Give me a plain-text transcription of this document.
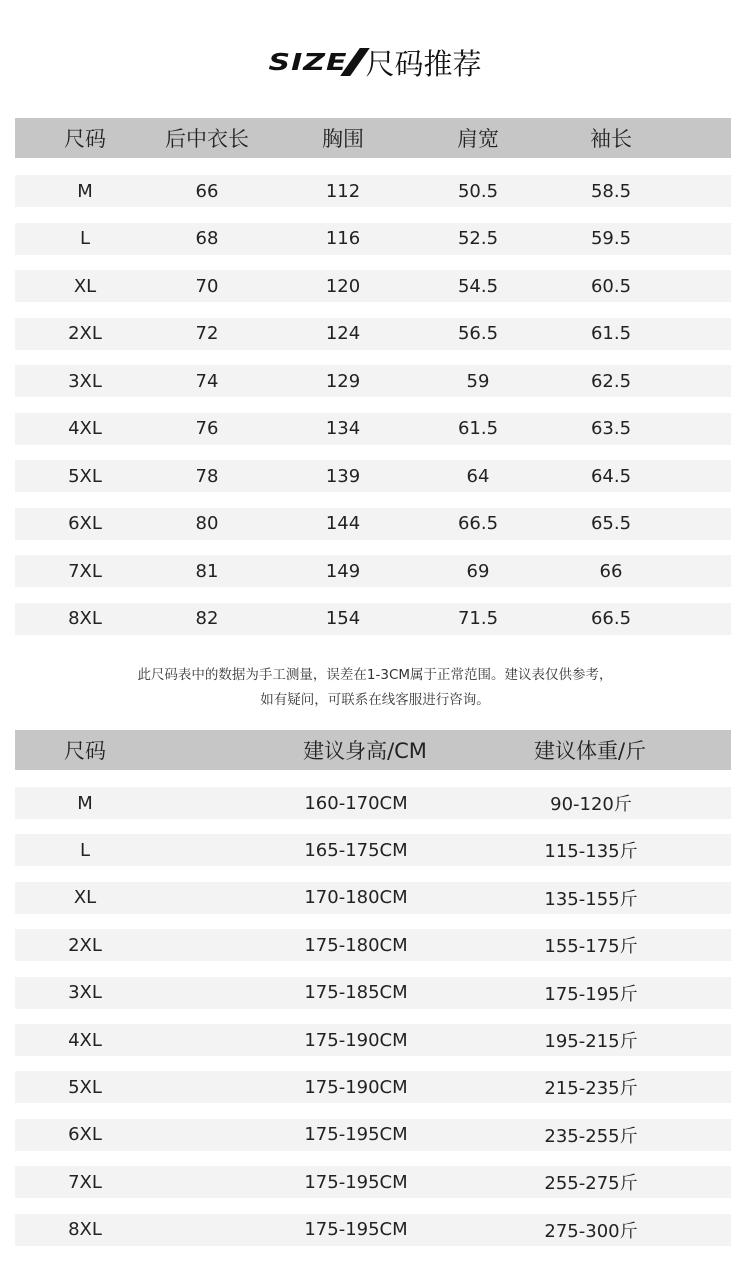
SIZE 尺码推荐
尺码	后中衣长	胸围	肩宽	袖长
M	66	112	50.5	58.5
L	68	116	52.5	59.5
XL	70	120	54.5	60.5
2XL	72	124	56.5	61.5
3XL	74	129	59	62.5
4XL	76	134	61.5	63.5
5XL	78	139	64	64.5
6XL	80	144	66.5	65.5
7XL	81	149	69	66
8XL	82	154	71.5	66.5
此尺码表中的数据为手工测量，误差在1-3CM属于正常范围。建议表仅供参考，
如有疑问，可联系在线客服进行咨询。
尺码	建议身高/CM	建议体重/斤
M	160-170CM	90-120斤
L	165-175CM	115-135斤
XL	170-180CM	135-155斤
2XL	175-180CM	155-175斤
3XL	175-185CM	175-195斤
4XL	175-190CM	195-215斤
5XL	175-190CM	215-235斤
6XL	175-195CM	235-255斤
7XL	175-195CM	255-275斤
8XL	175-195CM	275-300斤
